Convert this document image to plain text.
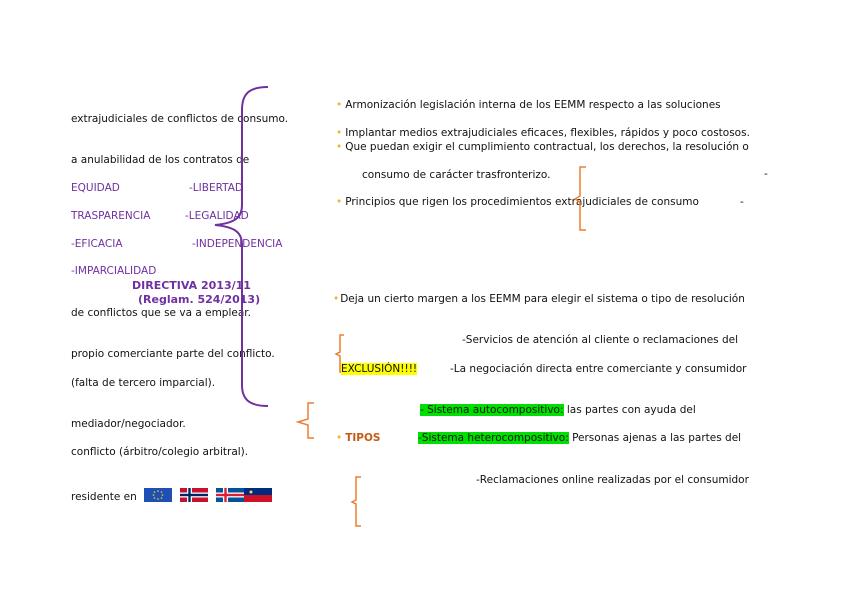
extrajudiciales de conflictos de consumo.
a anulabilidad de los contratos de
EQUIDAD	-LIBERTAD
TRASPARENCIA	-LEGALIDAD
-EFICACIA	-INDEPENDENCIA
-IMPARCIALIDAD
DIRECTIVA 2013/11
(Reglam. 524/2013)
de conflictos que se va a emplear.
propio comerciante parte del conflicto.
(falta de tercero imparcial).
mediador/negociador.
conflicto (árbitro/colegio arbitral).
residente en
• Armonización legislación interna de los EEMM respecto a las soluciones
• Implantar medios extrajudiciales eficaces, flexibles, rápidos y poco costosos.
• Que puedan exigir el cumplimiento contractual, los derechos, la resolución o
consumo de carácter trasfronterizo.	-
• Principios que rigen los procedimientos extrajudiciales de consumo	-
•Deja un cierto margen a los EEMM para elegir el sistema o tipo de resolución
-Servicios de atención al cliente o reclamaciones del
EXCLUSIÓN!!!!	-La negociación directa entre comerciante y consumidor
- Sistema autocompositivo: las partes con ayuda del
• TIPOS	-Sistema heterocompositivo: Personas ajenas a las partes del
-Reclamaciones online realizadas por el consumidor
